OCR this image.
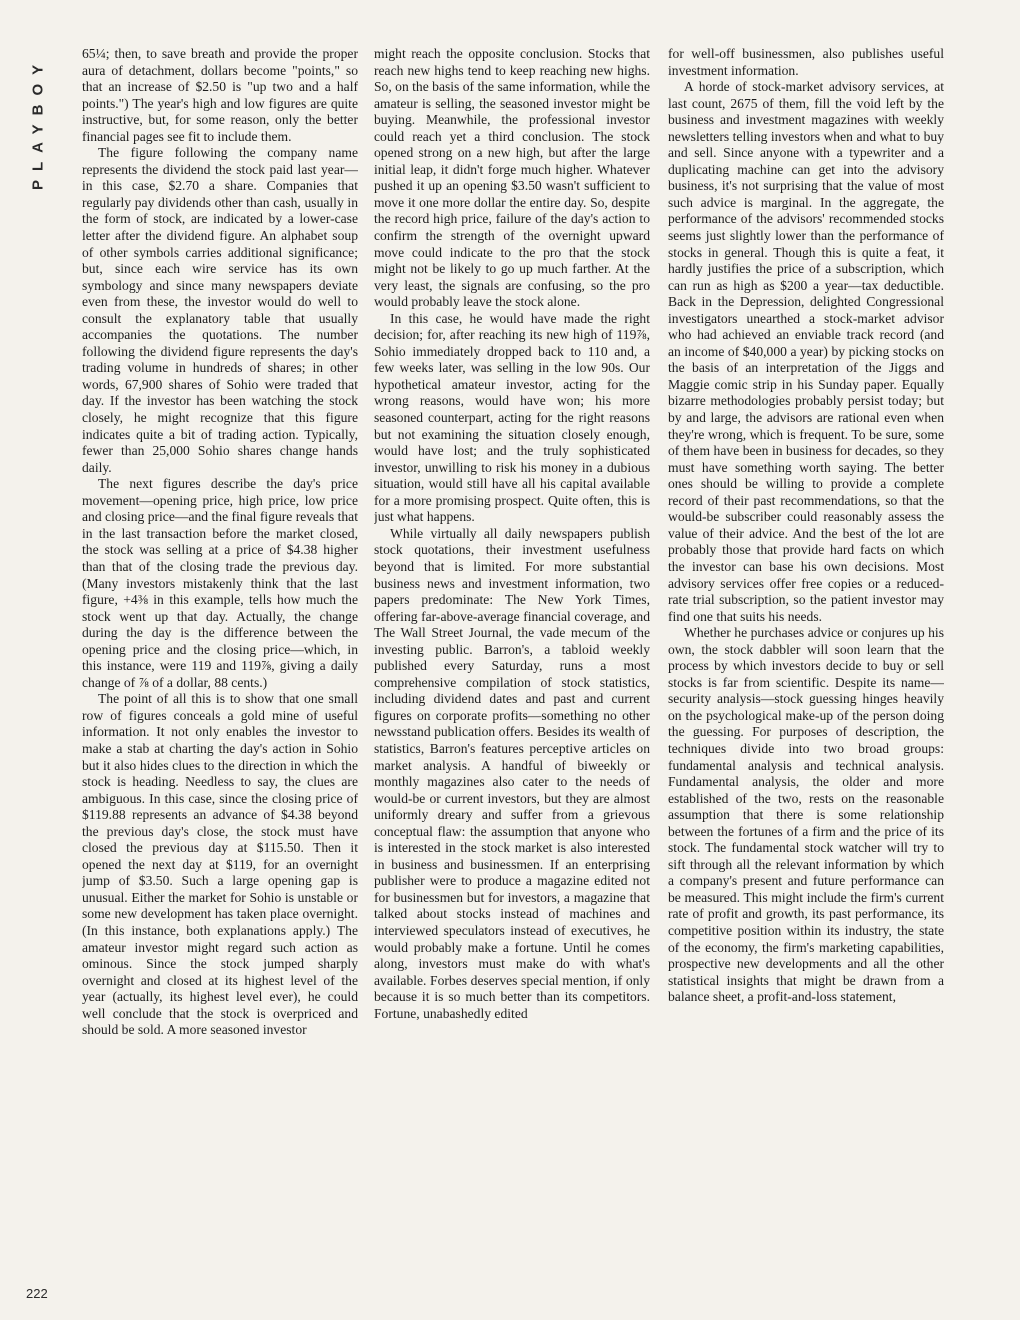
PLAYBOY

65¼; then, to save breath and provide the proper aura of detachment, dollars become "points," so that an increase of $2.50 is "up two and a half points.") The year's high and low figures are quite instructive, but, for some reason, only the better financial pages see fit to include them.

The figure following the company name represents the dividend the stock paid last year—in this case, $2.70 a share. Companies that regularly pay dividends other than cash, usually in the form of stock, are indicated by a lower-case letter after the dividend figure. An alphabet soup of other symbols carries additional significance; but, since each wire service has its own symbology and since many newspapers deviate even from these, the investor would do well to consult the explanatory table that usually accompanies the quotations. The number following the dividend figure represents the day's trading volume in hundreds of shares; in other words, 67,900 shares of Sohio were traded that day. If the investor has been watching the stock closely, he might recognize that this figure indicates quite a bit of trading action. Typically, fewer than 25,000 Sohio shares change hands daily.

The next figures describe the day's price movement—opening price, high price, low price and closing price—and the final figure reveals that in the last transaction before the market closed, the stock was selling at a price of $4.38 higher than that of the closing trade the previous day. (Many investors mistakenly think that the last figure, +4⅜ in this example, tells how much the stock went up that day. Actually, the change during the day is the difference between the opening price and the closing price—which, in this instance, were 119 and 119⅞, giving a daily change of ⅞ of a dollar, 88 cents.)

The point of all this is to show that one small row of figures conceals a gold mine of useful information. It not only enables the investor to make a stab at charting the day's action in Sohio but it also hides clues to the direction in which the stock is heading. Needless to say, the clues are ambiguous. In this case, since the closing price of $119.88 represents an advance of $4.38 beyond the previous day's close, the stock must have closed the previous day at $115.50. Then it opened the next day at $119, for an overnight jump of $3.50. Such a large opening gap is unusual. Either the market for Sohio is unstable or some new development has taken place overnight. (In this instance, both explanations apply.) The amateur investor might regard such action as ominous. Since the stock jumped sharply overnight and closed at its highest level of the year (actually, its highest level ever), he could well conclude that the stock is overpriced and should be sold. A more seasoned investor

might reach the opposite conclusion. Stocks that reach new highs tend to keep reaching new highs. So, on the basis of the same information, while the amateur is selling, the seasoned investor might be buying. Meanwhile, the professional investor could reach yet a third conclusion. The stock opened strong on a new high, but after the large initial leap, it didn't forge much higher. Whatever pushed it up an opening $3.50 wasn't sufficient to move it one more dollar the entire day. So, despite the record high price, failure of the day's action to confirm the strength of the overnight upward move could indicate to the pro that the stock might not be likely to go up much farther. At the very least, the signals are confusing, so the pro would probably leave the stock alone.

In this case, he would have made the right decision; for, after reaching its new high of 119⅞, Sohio immediately dropped back to 110 and, a few weeks later, was selling in the low 90s. Our hypothetical amateur investor, acting for the wrong reasons, would have won; his more seasoned counterpart, acting for the right reasons but not examining the situation closely enough, would have lost; and the truly sophisticated investor, unwilling to risk his money in a dubious situation, would still have all his capital available for a more promising prospect. Quite often, this is just what happens.

While virtually all daily newspapers publish stock quotations, their investment usefulness beyond that is limited. For more substantial business news and investment information, two papers predominate: The New York Times, offering far-above-average financial coverage, and The Wall Street Journal, the vade mecum of the investing public. Barron's, a tabloid weekly published every Saturday, runs a most comprehensive compilation of stock statistics, including dividend dates and past and current figures on corporate profits—something no other newsstand publication offers. Besides its wealth of statistics, Barron's features perceptive articles on market analysis. A handful of biweekly or monthly magazines also cater to the needs of would-be or current investors, but they are almost uniformly dreary and suffer from a grievous conceptual flaw: the assumption that anyone who is interested in the stock market is also interested in business and businessmen. If an enterprising publisher were to produce a magazine edited not for businessmen but for investors, a magazine that talked about stocks instead of machines and interviewed speculators instead of executives, he would probably make a fortune. Until he comes along, investors must make do with what's available. Forbes deserves special mention, if only because it is so much better than its competitors. Fortune, unabashedly edited

for well-off businessmen, also publishes useful investment information.

A horde of stock-market advisory services, at last count, 2675 of them, fill the void left by the business and investment magazines with weekly newsletters telling investors when and what to buy and sell. Since anyone with a typewriter and a duplicating machine can get into the advisory business, it's not surprising that the value of most such advice is marginal. In the aggregate, the performance of the advisors' recommended stocks seems just slightly lower than the performance of stocks in general. Though this is quite a feat, it hardly justifies the price of a subscription, which can run as high as $200 a year—tax deductible. Back in the Depression, delighted Congressional investigators unearthed a stock-market advisor who had achieved an enviable track record (and an income of $40,000 a year) by picking stocks on the basis of an interpretation of the Jiggs and Maggie comic strip in his Sunday paper. Equally bizarre methodologies probably persist today; but by and large, the advisors are rational even when they're wrong, which is frequent. To be sure, some of them have been in business for decades, so they must have something worth saying. The better ones should be willing to provide a complete record of their past recommendations, so that the would-be subscriber could reasonably assess the value of their advice. And the best of the lot are probably those that provide hard facts on which the investor can base his own decisions. Most advisory services offer free copies or a reduced-rate trial subscription, so the patient investor may find one that suits his needs.

Whether he purchases advice or conjures up his own, the stock dabbler will soon learn that the process by which investors decide to buy or sell stocks is far from scientific. Despite its name—security analysis—stock guessing hinges heavily on the psychological make-up of the person doing the guessing. For purposes of description, the techniques divide into two broad groups: fundamental analysis and technical analysis. Fundamental analysis, the older and more established of the two, rests on the reasonable assumption that there is some relationship between the fortunes of a firm and the price of its stock. The fundamental stock watcher will try to sift through all the relevant information by which a company's present and future performance can be measured. This might include the firm's current rate of profit and growth, its past performance, its competitive position within its industry, the state of the economy, the firm's marketing capabilities, prospective new developments and all the other statistical insights that might be drawn from a balance sheet, a profit-and-loss statement,

222
